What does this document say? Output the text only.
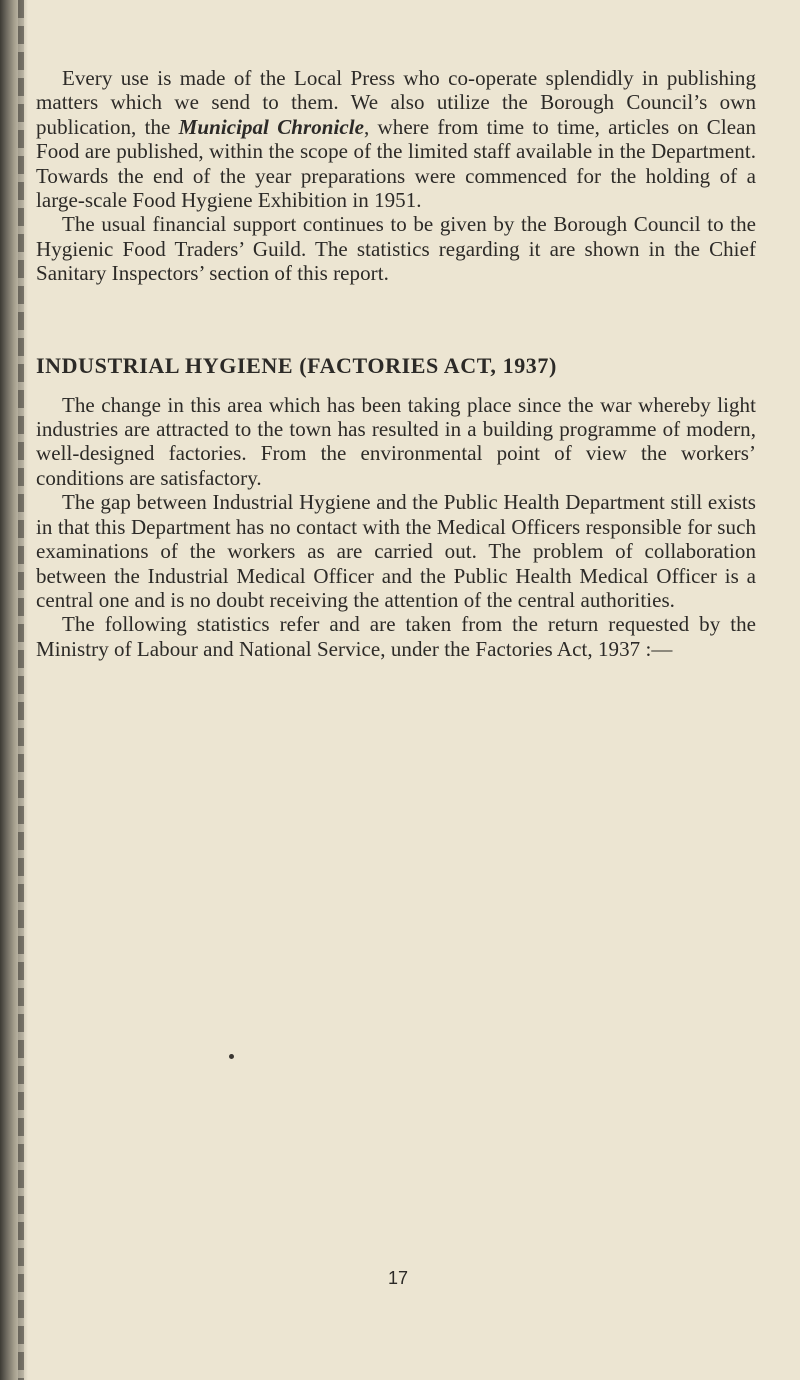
Every use is made of the Local Press who co-operate splendidly in publishing matters which we send to them. We also utilize the Borough Council’s own publication, the Municipal Chronicle, where from time to time, articles on Clean Food are published, within the scope of the limited staff available in the Department. Towards the end of the year preparations were commenced for the holding of a large-scale Food Hygiene Exhibition in 1951.

The usual financial support continues to be given by the Borough Council to the Hygienic Food Traders’ Guild. The statistics regarding it are shown in the Chief Sanitary Inspectors’ section of this report.

INDUSTRIAL HYGIENE (FACTORIES ACT, 1937)

The change in this area which has been taking place since the war whereby light industries are attracted to the town has resulted in a building programme of modern, well-designed factories. From the environmental point of view the workers’ conditions are satisfactory.

The gap between Industrial Hygiene and the Public Health Department still exists in that this Department has no contact with the Medical Officers responsible for such examinations of the workers as are carried out. The problem of collaboration between the Industrial Medical Officer and the Public Health Medical Officer is a central one and is no doubt receiving the attention of the central authorities.

The following statistics refer and are taken from the return requested by the Ministry of Labour and National Service, under the Factories Act, 1937 :—

17
